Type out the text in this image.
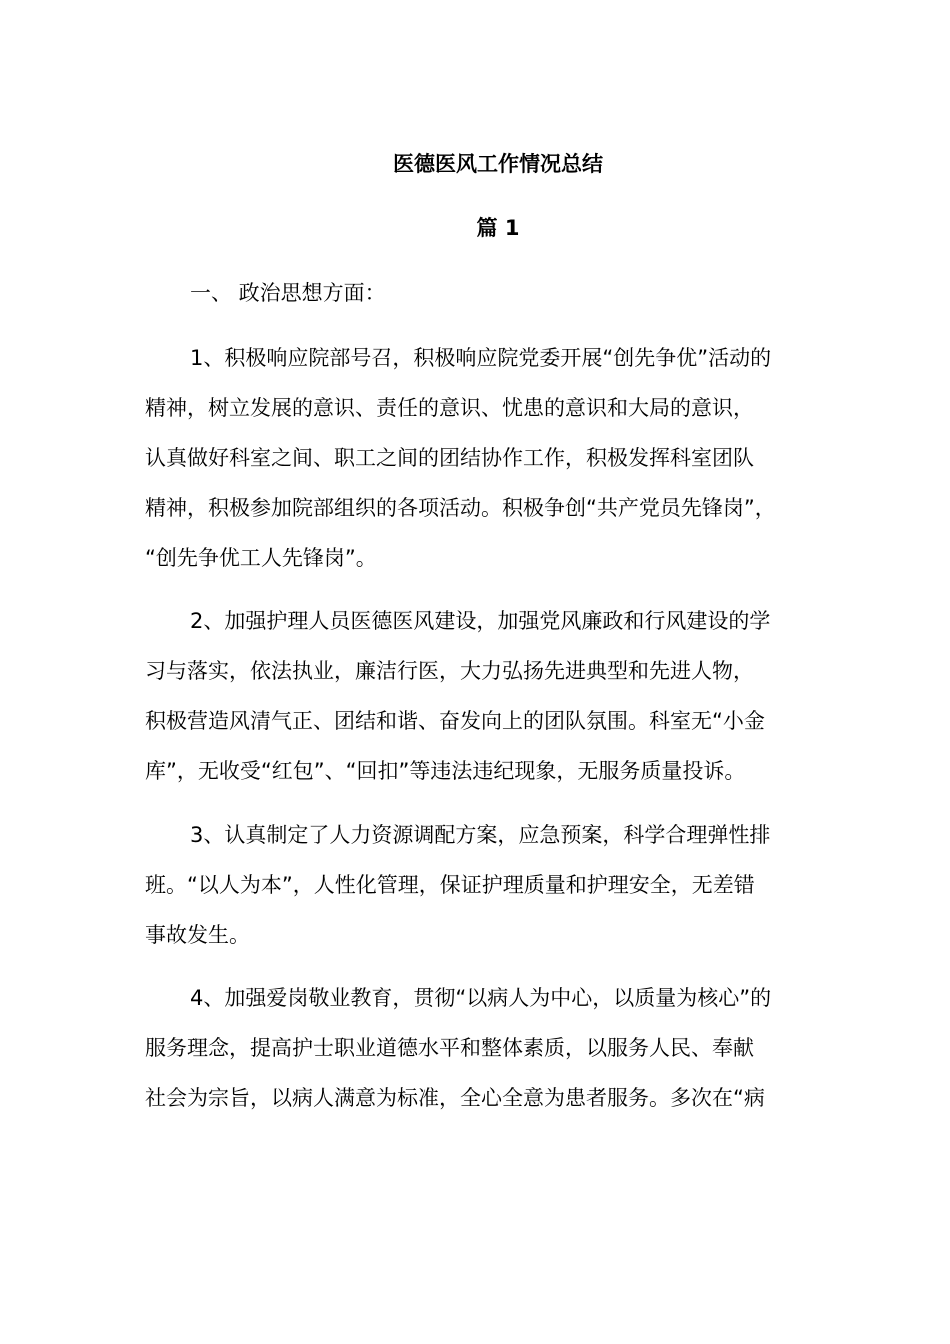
医德医风工作情况总结
篇 1
一、 政治思想方面：
1、积极响应院部号召，积极响应院党委开展“创先争优”活动的
精神，树立发展的意识、责任的意识、忧患的意识和大局的意识，
认真做好科室之间、职工之间的团结协作工作，积极发挥科室团队
精神，积极参加院部组织的各项活动。积极争创“共产党员先锋岗”，
“创先争优工人先锋岗”。
2、加强护理人员医德医风建设，加强党风廉政和行风建设的学
习与落实，依法执业，廉洁行医，大力弘扬先进典型和先进人物，
积极营造风清气正、团结和谐、奋发向上的团队氛围。科室无“小金
库”，无收受“红包”、“回扣”等违法违纪现象，无服务质量投诉。
3、认真制定了人力资源调配方案，应急预案，科学合理弹性排
班。“以人为本”，人性化管理，保证护理质量和护理安全，无差错
事故发生。
4、加强爱岗敬业教育，贯彻“以病人为中心，以质量为核心”的
服务理念，提高护士职业道德水平和整体素质，以服务人民、奉献
社会为宗旨，以病人满意为标准，全心全意为患者服务。多次在“病
